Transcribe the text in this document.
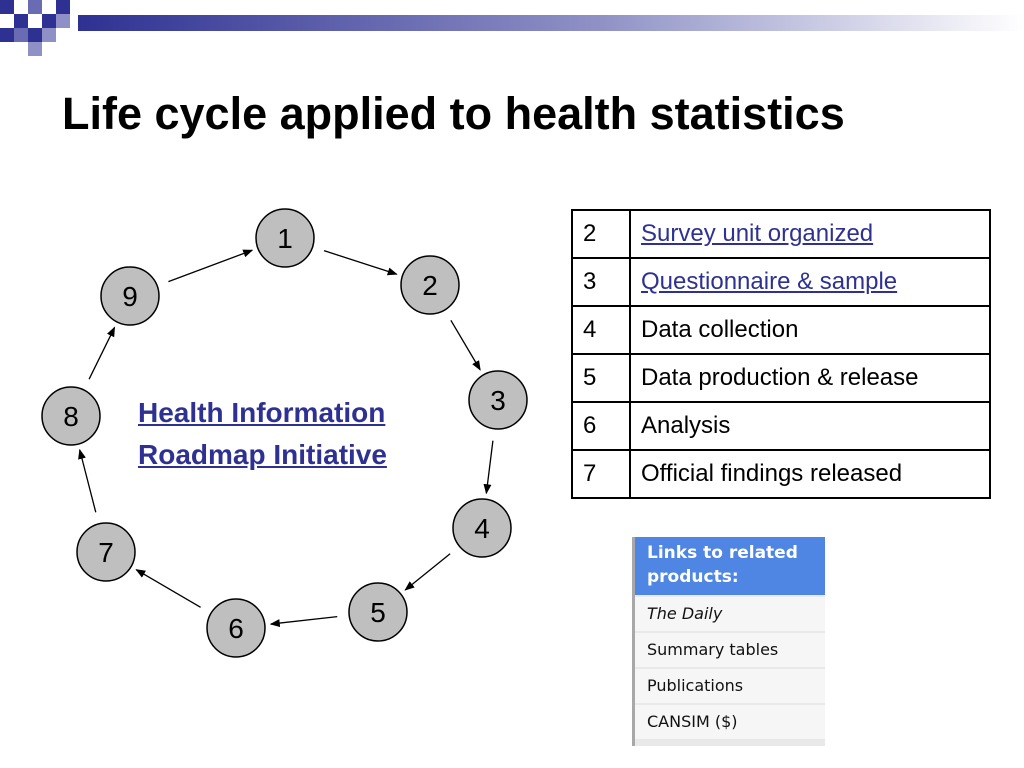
Life cycle applied to health statistics
1
2
3
4
5
6
7
8
9
Health Information
Roadmap Initiative
2	Survey unit organized
3	Questionnaire & sample
4	Data collection
5	Data production & release
6	Analysis
7	Official findings released
Links to related products:
The Daily
Summary tables
Publications
CANSIM ($)
